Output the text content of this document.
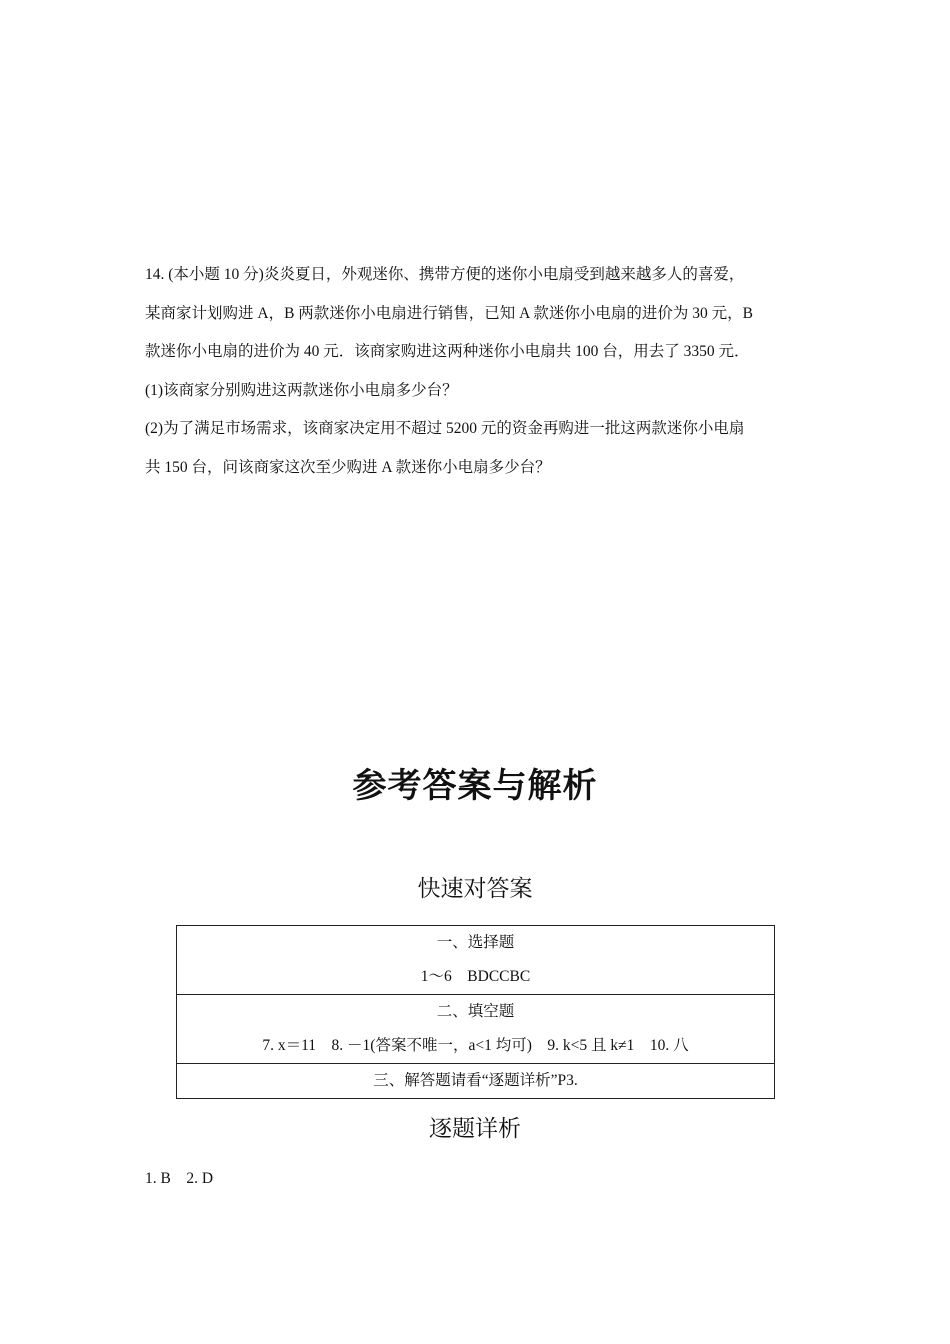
14. (本小题 10 分)炎炎夏日，外观迷你、携带方便的迷你小电扇受到越来越多人的喜爱，
某商家计划购进 A，B 两款迷你小电扇进行销售，已知 A 款迷你小电扇的进价为 30 元，B
款迷你小电扇的进价为 40 元．该商家购进这两种迷你小电扇共 100 台，用去了 3350 元．
(1)该商家分别购进这两款迷你小电扇多少台？
(2)为了满足市场需求，该商家决定用不超过 5200 元的资金再购进一批这两款迷你小电扇
共 150 台，问该商家这次至少购进 A 款迷你小电扇多少台？
参考答案与解析
快速对答案
一、选择题
1～6　BDCCBC

二、填空题
7. x＝11　8. －1(答案不唯一，a<1 均可)　9. k<5 且 k≠1　10. 八

三、解答题请看“逐题详析”P3.
逐题详析
1. B　2. D
